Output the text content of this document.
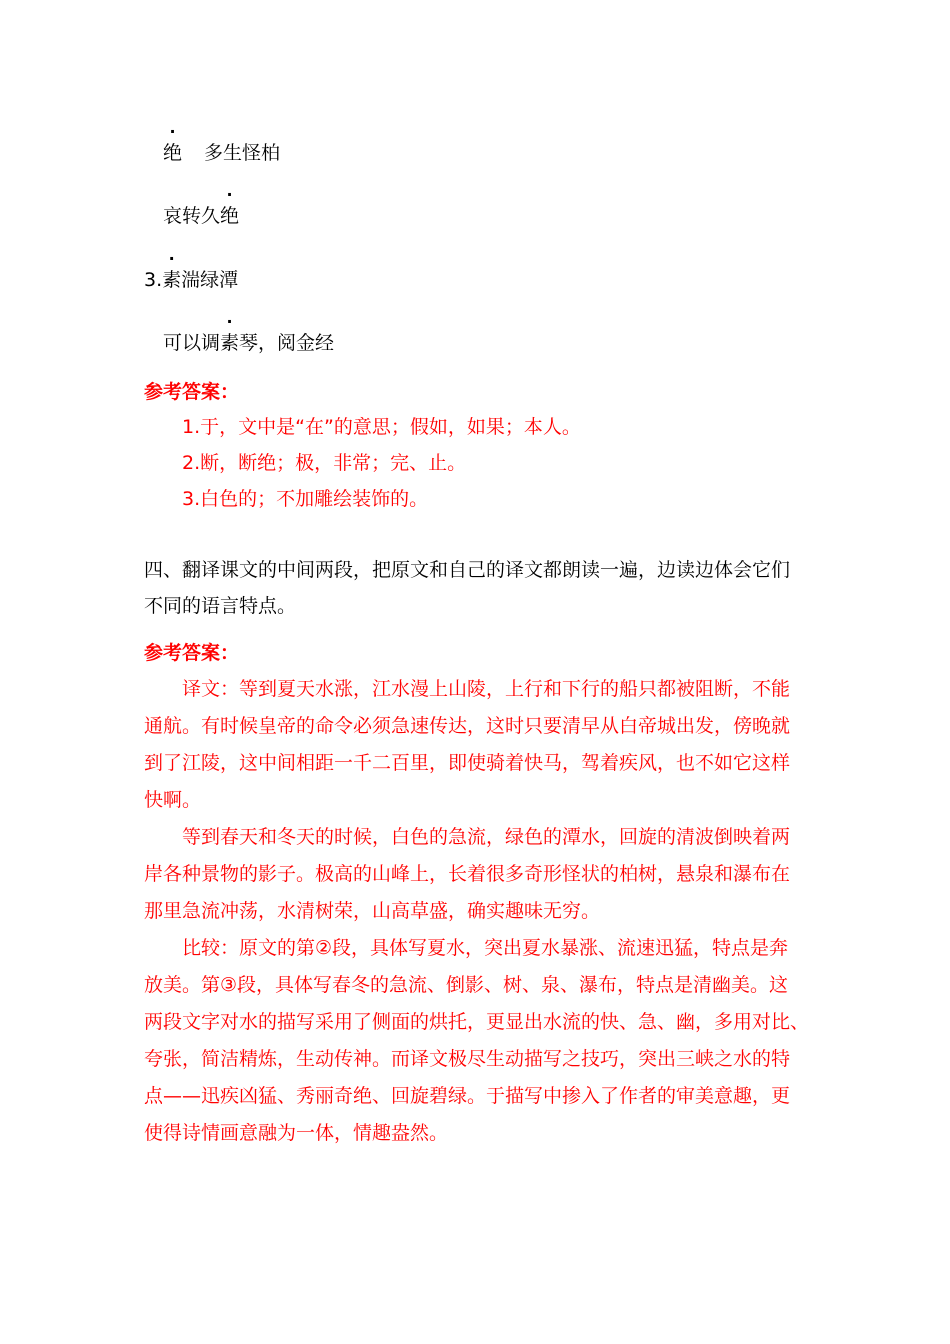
绝 多生怪柏
哀转久绝
3.素湍绿潭
可以调素琴，阅金经
参考答案：
1.于，文中是“在”的意思；假如，如果；本人。
2.断，断绝；极，非常；完、止。
3.白色的；不加雕绘装饰的。
四、翻译课文的中间两段，把原文和自己的译文都朗读一遍，边读边体会它们
不同的语言特点。
参考答案：
译文：等到夏天水涨，江水漫上山陵，上行和下行的船只都被阻断，不能
通航。有时候皇帝的命令必须急速传达，这时只要清早从白帝城出发，傍晚就
到了江陵，这中间相距一千二百里，即使骑着快马，驾着疾风，也不如它这样
快啊。
等到春天和冬天的时候，白色的急流，绿色的潭水，回旋的清波倒映着两
岸各种景物的影子。极高的山峰上，长着很多奇形怪状的柏树，悬泉和瀑布在
那里急流冲荡，水清树荣，山高草盛，确实趣味无穷。
比较：原文的第②段，具体写夏水，突出夏水暴涨、流速迅猛，特点是奔
放美。第③段，具体写春冬的急流、倒影、树、泉、瀑布，特点是清幽美。这
两段文字对水的描写采用了侧面的烘托，更显出水流的快、急、幽，多用对比、
夸张，简洁精炼，生动传神。而译文极尽生动描写之技巧，突出三峡之水的特
点——迅疾凶猛、秀丽奇绝、回旋碧绿。于描写中掺入了作者的审美意趣，更
使得诗情画意融为一体，情趣盎然。
